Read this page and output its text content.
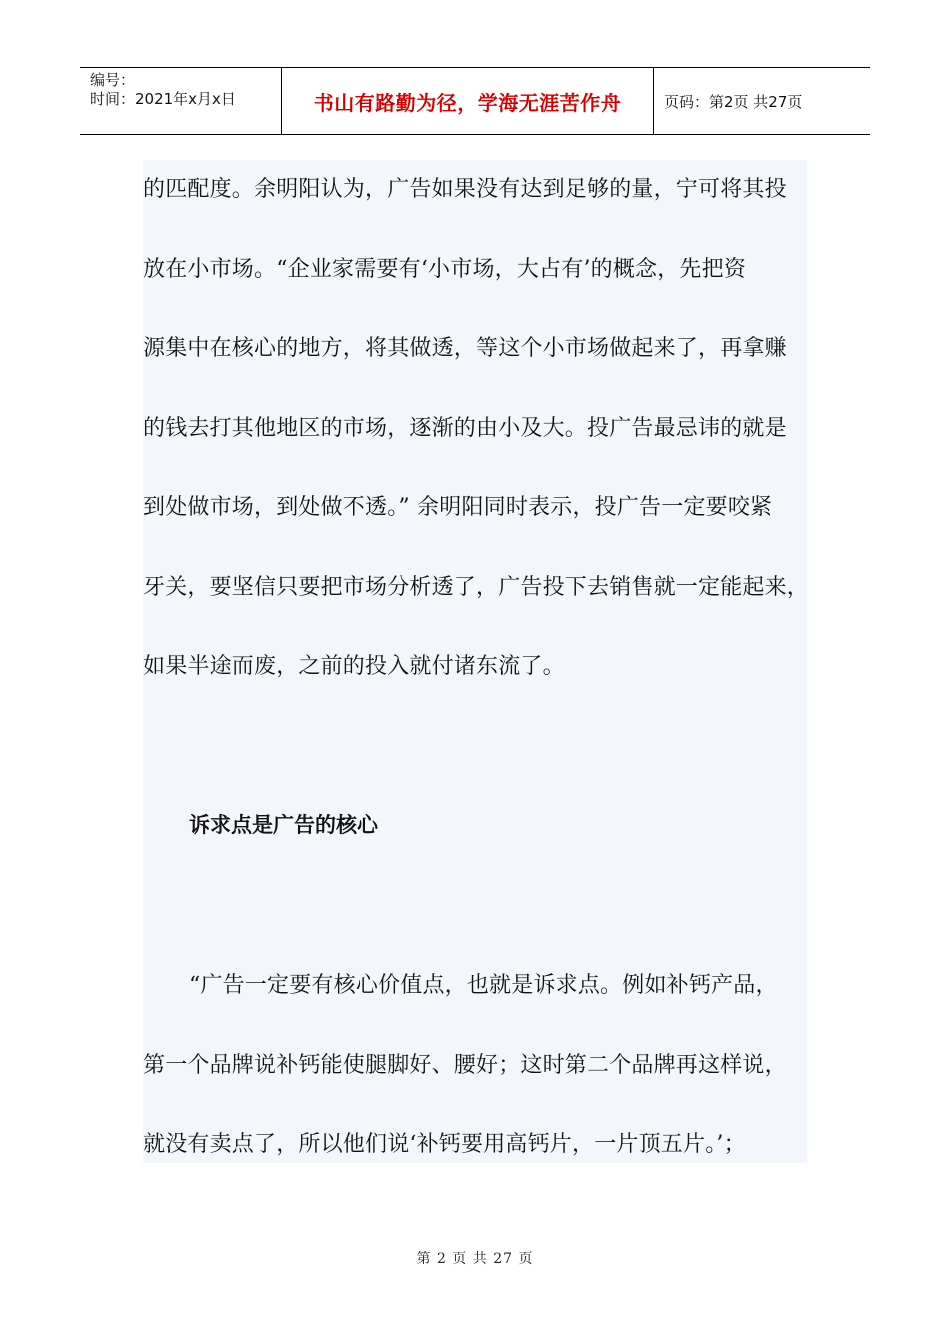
编号：
时间：2021年x月x日	书山有路勤为径，学海无涯苦作舟	页码：第2页 共27页
的匹配度。余明阳认为，广告如果没有达到足够的量，宁可将其投
放在小市场。“企业家需要有‘小市场，大占有’的概念，先把资
源集中在核心的地方，将其做透，等这个小市场做起来了，再拿赚
的钱去打其他地区的市场，逐渐的由小及大。投广告最忌讳的就是
到处做市场，到处做不透。” 余明阳同时表示，投广告一定要咬紧
牙关，要坚信只要把市场分析透了，广告投下去销售就一定能起来，
如果半途而废，之前的投入就付诸东流了。
诉求点是广告的核心
“广告一定要有核心价值点，也就是诉求点。例如补钙产品，
第一个品牌说补钙能使腿脚好、腰好；这时第二个品牌再这样说，
就没有卖点了，所以他们说‘补钙要用高钙片，一片顶五片。’；
第 2 页 共 27 页
